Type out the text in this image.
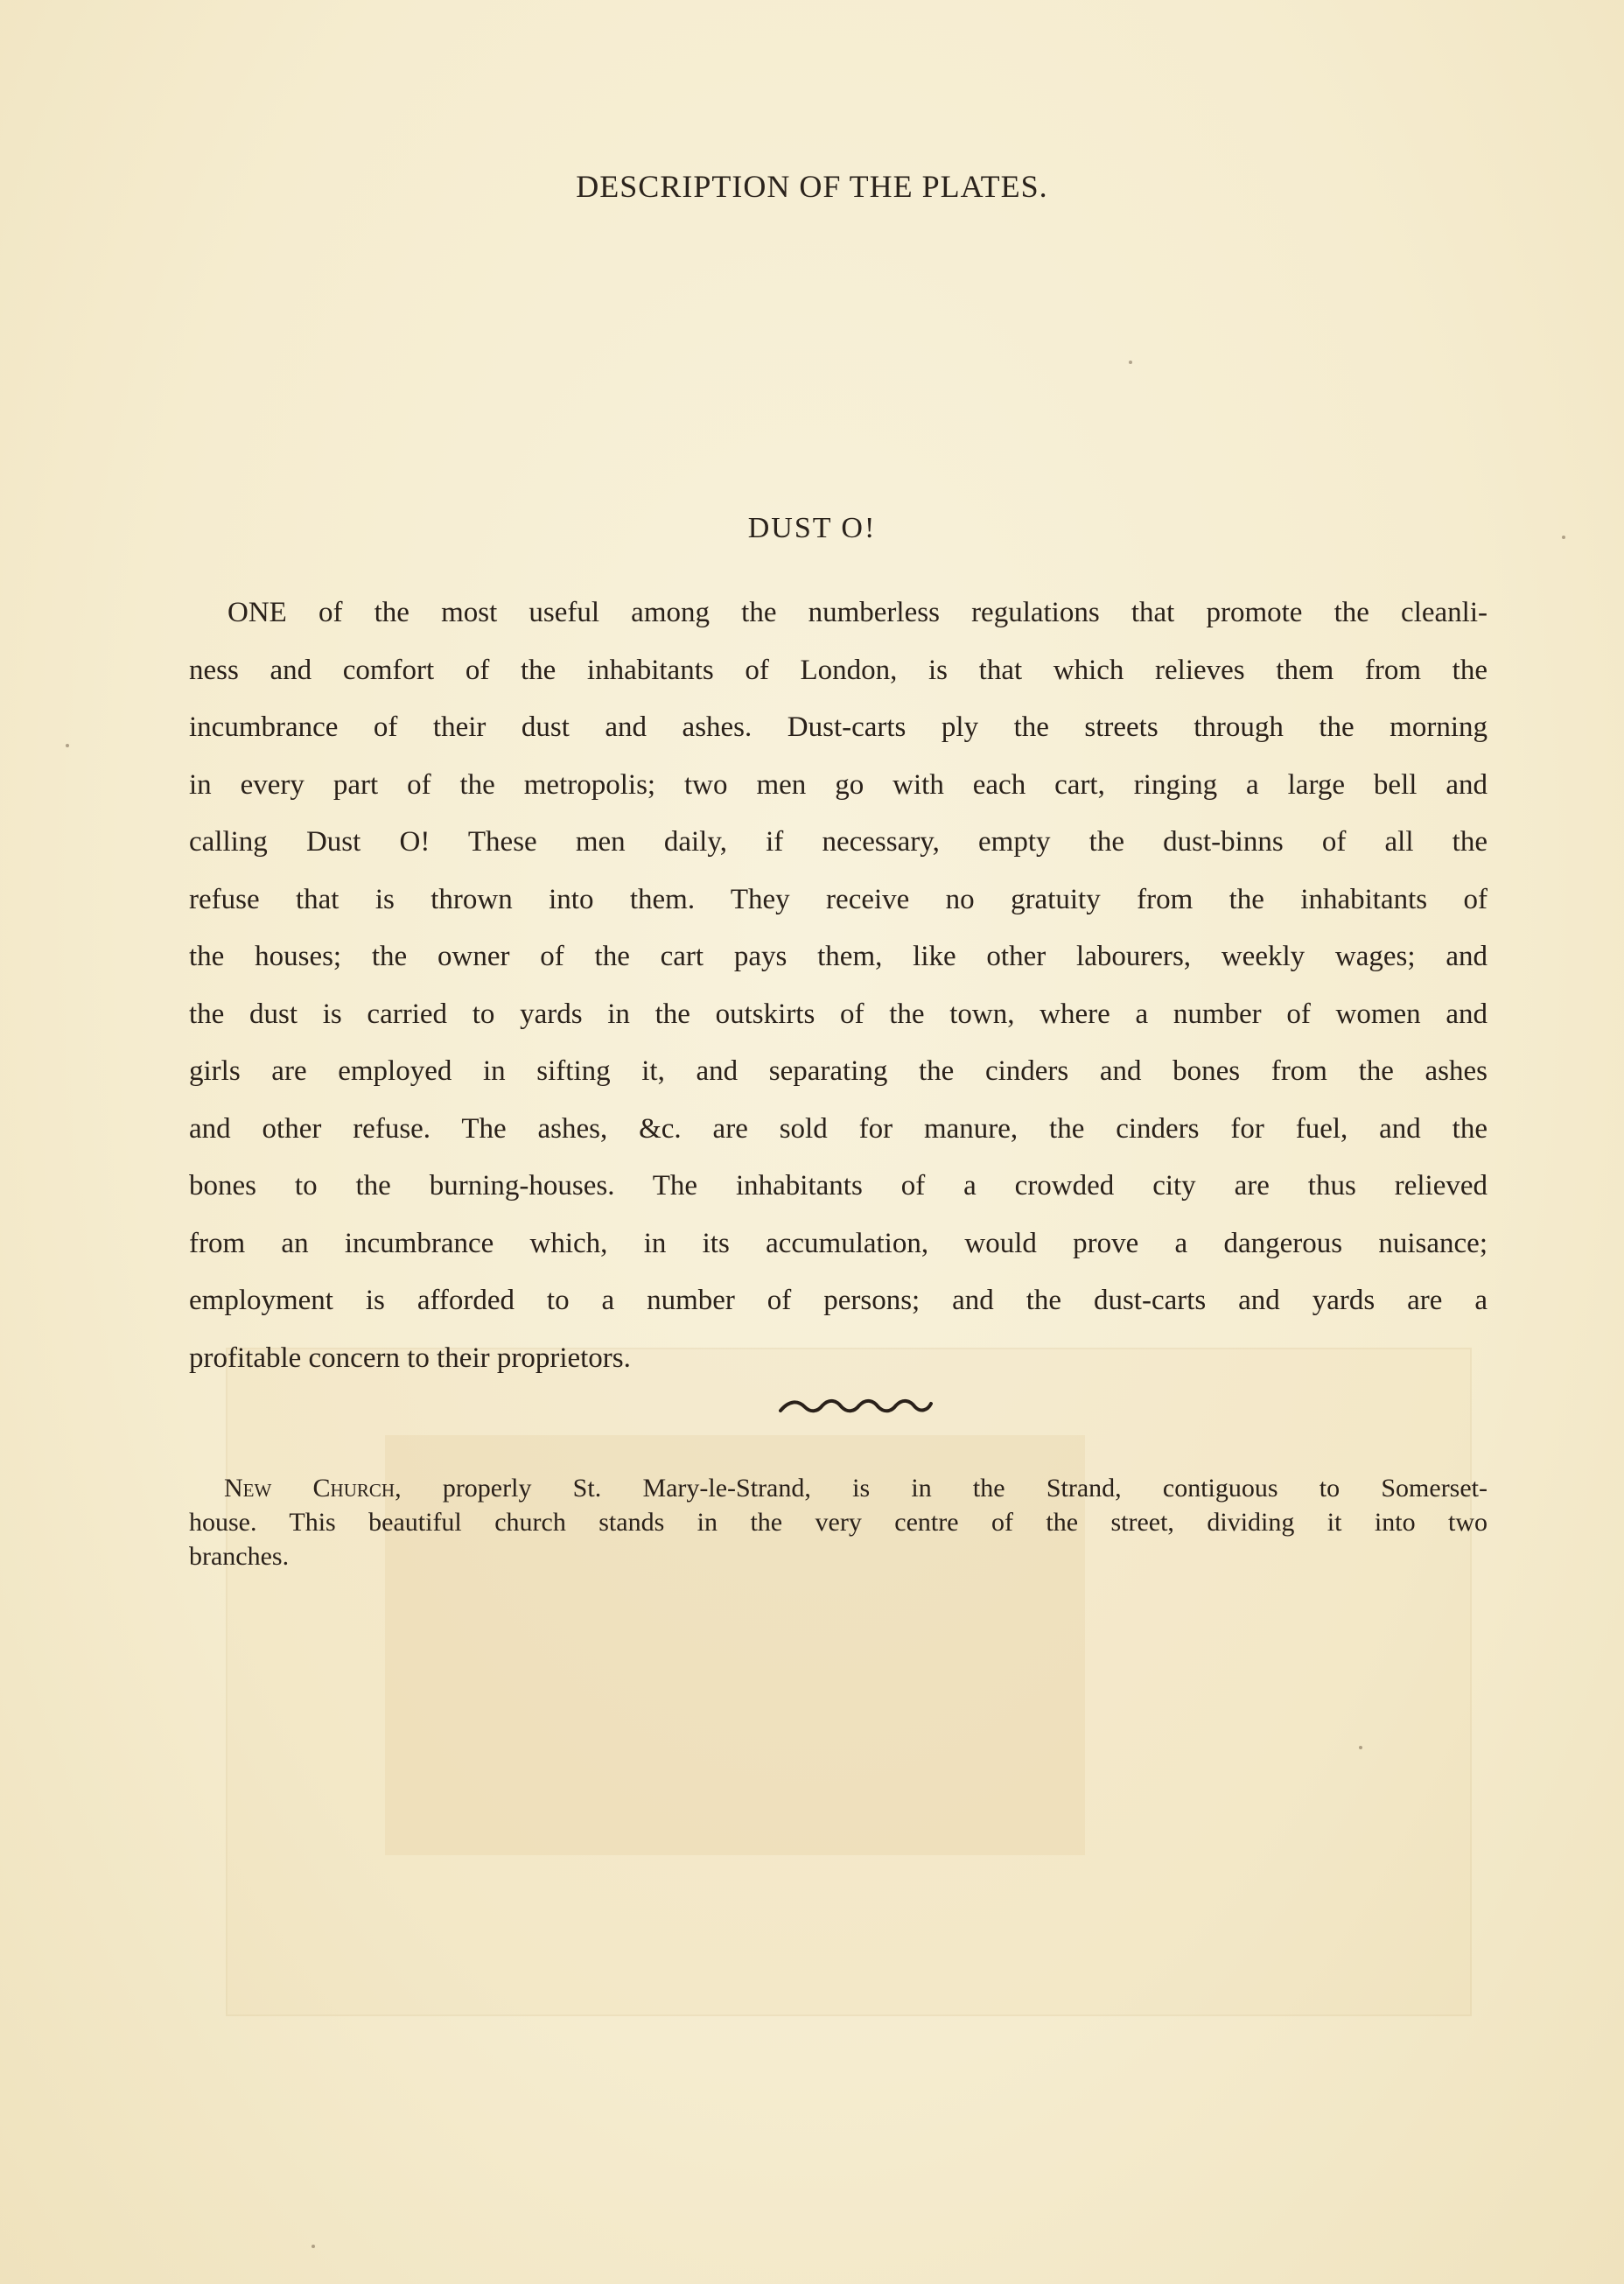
DESCRIPTION OF THE PLATES.
DUST O!
ONE of the most useful among the numberless regulations that promote the cleanli-
ness and comfort of the inhabitants of London, is that which relieves them from the
incumbrance of their dust and ashes. Dust-carts ply the streets through the morning
in every part of the metropolis; two men go with each cart, ringing a large bell and
calling Dust O! These men daily, if necessary, empty the dust-binns of all the
refuse that is thrown into them. They receive no gratuity from the inhabitants of
the houses; the owner of the cart pays them, like other labourers, weekly wages; and
the dust is carried to yards in the outskirts of the town, where a number of women and
girls are employed in sifting it, and separating the cinders and bones from the ashes
and other refuse. The ashes, &c. are sold for manure, the cinders for fuel, and the
bones to the burning-houses. The inhabitants of a crowded city are thus relieved
from an incumbrance which, in its accumulation, would prove a dangerous nuisance;
employment is afforded to a number of persons; and the dust-carts and yards are a
profitable concern to their proprietors.
New Church, properly St. Mary-le-Strand, is in the Strand, contiguous to Somerset-
house. This beautiful church stands in the very centre of the street, dividing it into two
branches.
